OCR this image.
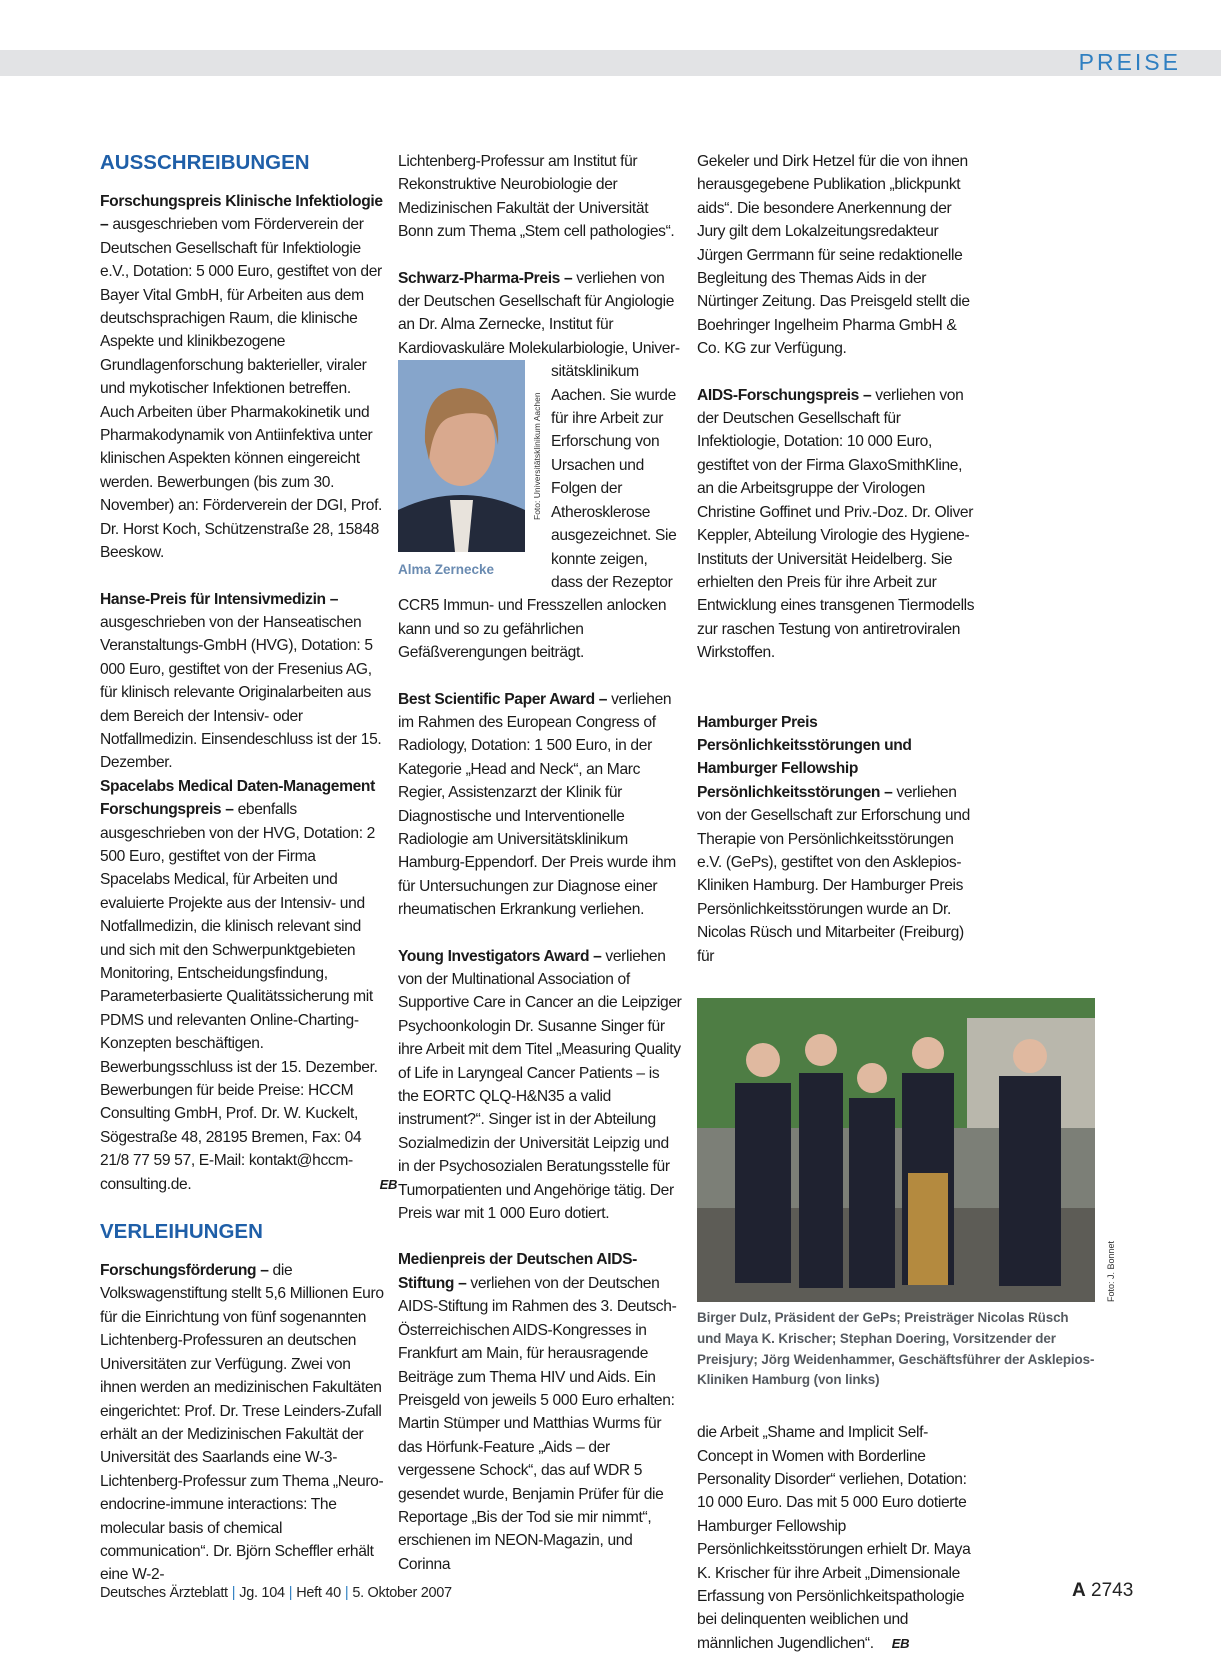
PREISE
AUSSCHREIBUNGEN

Forschungspreis Klinische Infektiologie – ausgeschrieben vom Förderverein der Deutschen Gesellschaft für Infektiologie e.V., Dotation: 5 000 Euro, gestiftet von der Bayer Vital GmbH, für Arbeiten aus dem deutschsprachigen Raum, die klinische Aspekte und klinikbezogene Grundlagenforschung bakterieller, viraler und mykotischer Infektionen betreffen. Auch Arbeiten über Pharmakokinetik und Pharmakodynamik von Antiinfektiva unter klinischen Aspekten können eingereicht werden. Bewerbungen (bis zum 30. November) an: Förderverein der DGI, Prof. Dr. Horst Koch, Schützenstraße 28, 15848 Beeskow.

Hanse-Preis für Intensivmedizin – ausgeschrieben von der Hanseatischen Veranstaltungs-GmbH (HVG), Dotation: 5 000 Euro, gestiftet von der Fresenius AG, für klinisch relevante Originalarbeiten aus dem Bereich der Intensiv- oder Notfallmedizin. Einsendeschluss ist der 15. Dezember.

Spacelabs Medical Daten-Management Forschungspreis – ebenfalls ausgeschrieben von der HVG, Dotation: 2 500 Euro, gestiftet von der Firma Spacelabs Medical, für Arbeiten und evaluierte Projekte aus der Intensiv- und Notfallmedizin, die klinisch relevant sind und sich mit den Schwerpunktgebieten Monitoring, Entscheidungsfindung, Parameterbasierte Qualitätssicherung mit PDMS und relevanten Online-Charting-Konzepten beschäftigen. Bewerbungsschluss ist der 15. Dezember. Bewerbungen für beide Preise: HCCM Consulting GmbH, Prof. Dr. W. Kuckelt, Sögestraße 48, 28195 Bremen, Fax: 04 21/8 77 59 57, E-Mail: kontakt@hccm-consulting.de.	EB

VERLEIHUNGEN

Forschungsförderung – die Volkswagenstiftung stellt 5,6 Millionen Euro für die Einrichtung von fünf sogenannten Lichtenberg-Professuren an deutschen Universitäten zur Verfügung. Zwei von ihnen werden an medizinischen Fakultäten eingerichtet: Prof. Dr. Trese Leinders-Zufall erhält an der Medizinischen Fakultät der Universität des Saarlands eine W-3-Lichtenberg-Professur zum Thema „Neuro-endocrine-immune interactions: The molecular basis of chemical communication“. Dr. Björn Scheffler erhält eine W-2-

Lichtenberg-Professur am Institut für Rekonstruktive Neurobiologie der Medizinischen Fakultät der Universität Bonn zum Thema „Stem cell pathologies“.

Schwarz-Pharma-Preis – verliehen von der Deutschen Gesellschaft für Angiologie an Dr. Alma Zernecke, Institut für Kardiovaskuläre Molekularbiologie, Univer-
Foto: Universitätsklinikum Aachen
Alma Zernecke
sitätsklinikum Aachen. Sie wurde für ihre Arbeit zur Erforschung von Ursachen und Folgen der Atherosklerose ausgezeichnet. Sie konnte zeigen, dass der Rezeptor CCR5 Immun- und Fresszellen anlocken kann und so zu gefährlichen Gefäßverengungen beiträgt.

Best Scientific Paper Award – verliehen im Rahmen des European Congress of Radiology, Dotation: 1 500 Euro, in der Kategorie „Head and Neck“, an Marc Regier, Assistenzarzt der Klinik für Diagnostische und Interventionelle Radiologie am Universitätsklinikum Hamburg-Eppendorf. Der Preis wurde ihm für Untersuchungen zur Diagnose einer rheumatischen Erkrankung verliehen.

Young Investigators Award – verliehen von der Multinational Association of Supportive Care in Cancer an die Leipziger Psychoonkologin Dr. Susanne Singer für ihre Arbeit mit dem Titel „Measuring Quality of Life in Laryngeal Cancer Patients – is the EORTC QLQ-H&N35 a valid instrument?“. Singer ist in der Abteilung Sozialmedizin der Universität Leipzig und in der Psychosozialen Beratungsstelle für Tumorpatienten und Angehörige tätig. Der Preis war mit 1 000 Euro dotiert.

Medienpreis der Deutschen AIDS-Stiftung – verliehen von der Deutschen AIDS-Stiftung im Rahmen des 3. Deutsch-Österreichischen AIDS-Kongresses in Frankfurt am Main, für herausragende Beiträge zum Thema HIV und Aids. Ein Preisgeld von jeweils 5 000 Euro erhalten: Martin Stümper und Matthias Wurms für das Hörfunk-Feature „Aids – der vergessene Schock“, das auf WDR 5 gesendet wurde, Benjamin Prüfer für die Reportage „Bis der Tod sie mir nimmt“, erschienen im NEON-Magazin, und Corinna

Gekeler und Dirk Hetzel für die von ihnen herausgegebene Publikation „blickpunkt aids“. Die besondere Anerkennung der Jury gilt dem Lokalzeitungsredakteur Jürgen Gerrmann für seine redaktionelle Begleitung des Themas Aids in der Nürtinger Zeitung. Das Preisgeld stellt die Boehringer Ingelheim Pharma GmbH & Co. KG zur Verfügung.

AIDS-Forschungspreis – verliehen von der Deutschen Gesellschaft für Infektiologie, Dotation: 10 000 Euro, gestiftet von der Firma GlaxoSmithKline, an die Arbeitsgruppe der Virologen Christine Goffinet und Priv.-Doz. Dr. Oliver Keppler, Abteilung Virologie des Hygiene-Instituts der Universität Heidelberg. Sie erhielten den Preis für ihre Arbeit zur Entwicklung eines transgenen Tiermodells zur raschen Testung von antiretroviralen Wirkstoffen.

Hamburger Preis Persönlichkeitsstörungen und Hamburger Fellowship Persönlichkeitsstörungen – verliehen von der Gesellschaft zur Erforschung und Therapie von Persönlichkeitsstörungen e.V. (GePs), gestiftet von den Asklepios-Kliniken Hamburg. Der Hamburger Preis Persönlichkeitsstörungen wurde an Dr. Nicolas Rüsch und Mitarbeiter (Freiburg) für

Foto: J. Bonnet
Birger Dulz, Präsident der GePs; Preisträger Nicolas Rüsch und Maya K. Krischer; Stephan Doering, Vorsitzender der Preisjury; Jörg Weidenhammer, Geschäftsführer der Asklepios-Kliniken Hamburg (von links)

die Arbeit „Shame and Implicit Self-Concept in Women with Borderline Personality Disorder“ verliehen, Dotation: 10 000 Euro. Das mit 5 000 Euro dotierte Hamburger Fellowship Persönlichkeitsstörungen erhielt Dr. Maya K. Krischer für ihre Arbeit „Dimensionale Erfassung von Persönlichkeitspathologie bei delinquenten weiblichen und männlichen Jugendlichen“. EB

Deutsches Ärzteblatt | Jg. 104 | Heft 40 | 5. Oktober 2007	A 2743
